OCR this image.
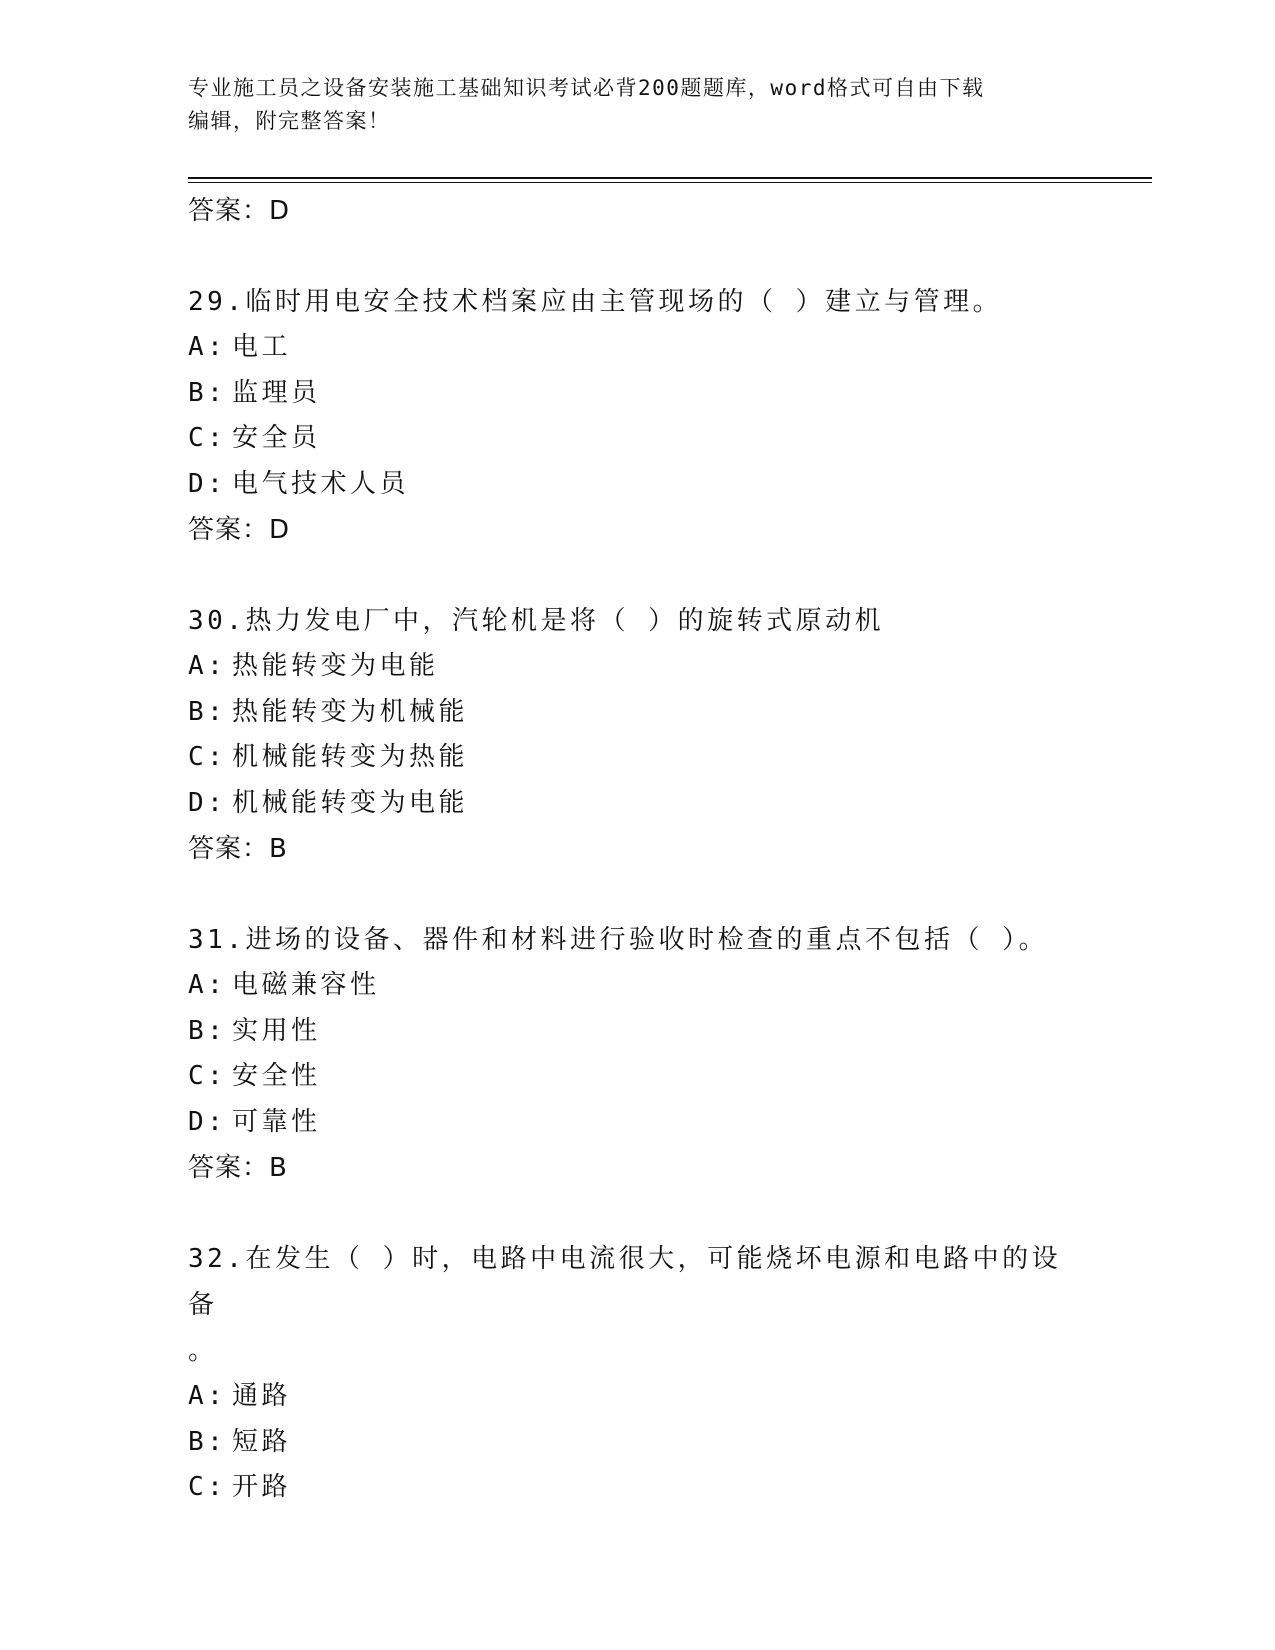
专业施工员之设备安装施工基础知识考试必背200题题库，word格式可自由下载
编辑，附完整答案！
答案：D
29.临时用电安全技术档案应由主管现场的（ ）建立与管理。
A: 电工
B: 监理员
C: 安全员
D: 电气技术人员
答案：D
30.热力发电厂中，汽轮机是将（ ）的旋转式原动机
A: 热能转变为电能
B: 热能转变为机械能
C: 机械能转变为热能
D: 机械能转变为电能
答案：B
31.进场的设备、器件和材料进行验收时检查的重点不包括（ ）。
A: 电磁兼容性
B: 实用性
C: 安全性
D: 可靠性
答案：B
32.在发生（ ）时，电路中电流很大，可能烧坏电源和电路中的设备
。
A: 通路
B: 短路
C: 开路
